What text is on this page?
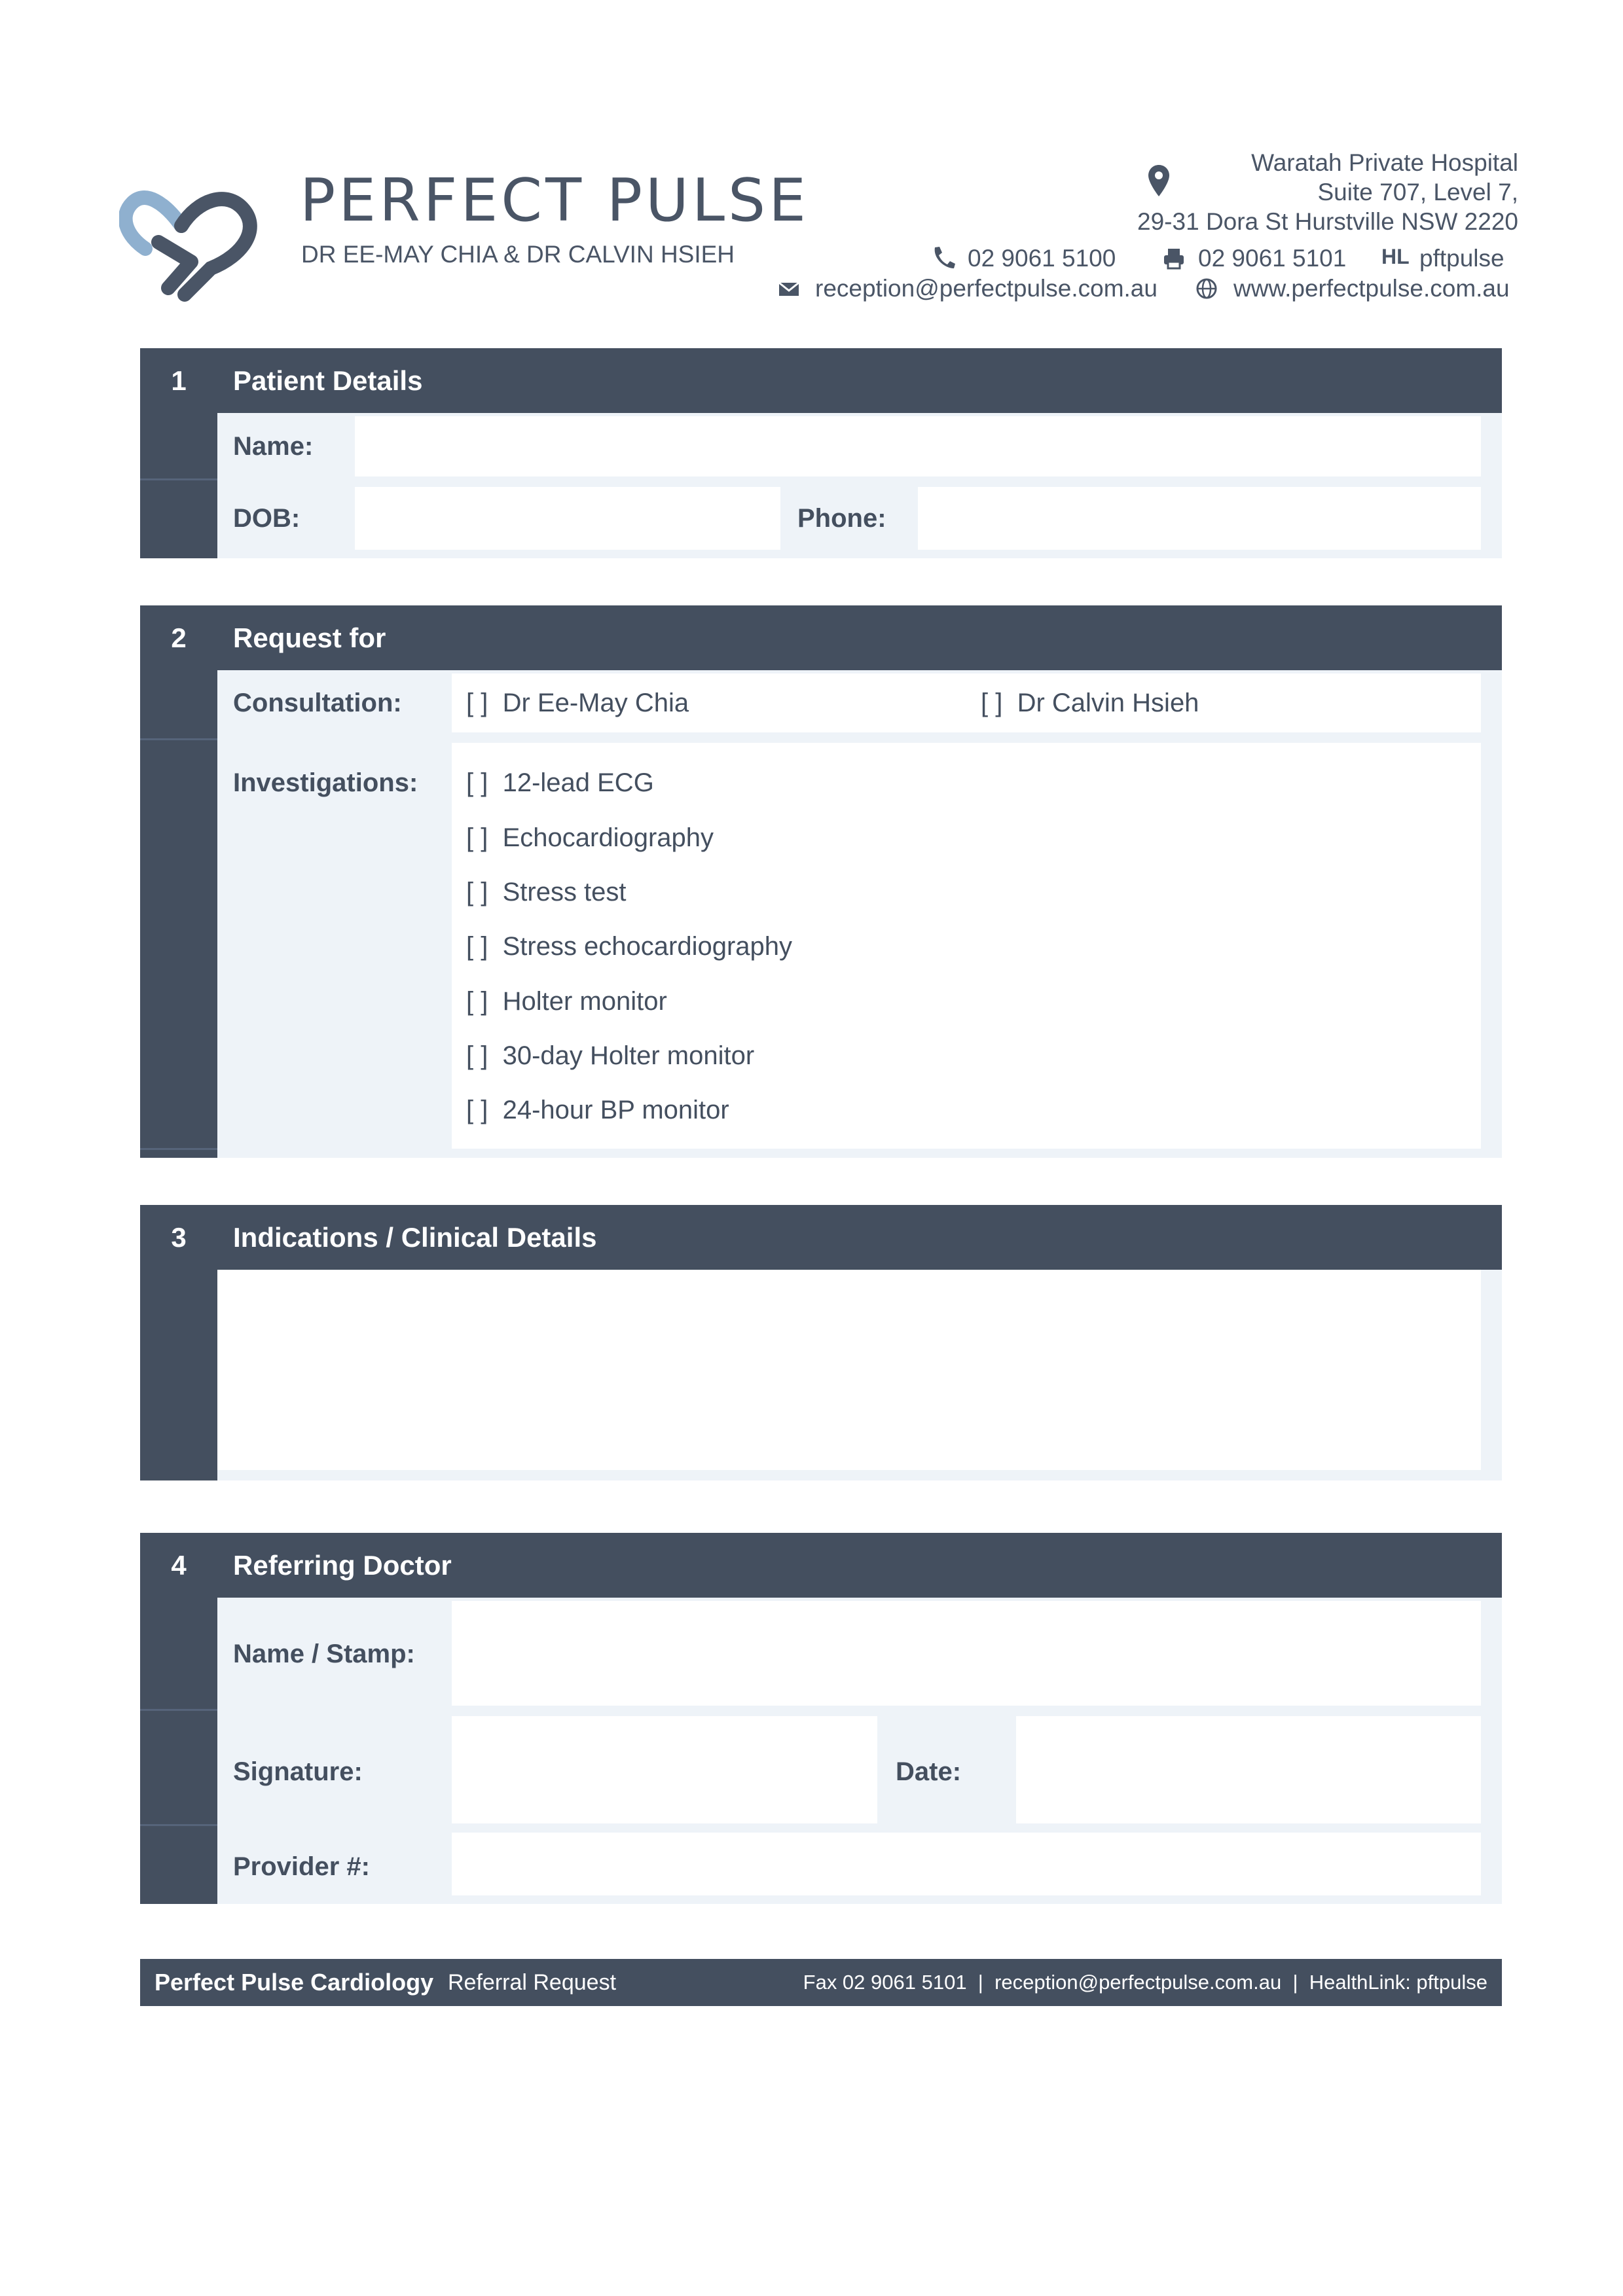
PERFECT PULSE
DR EE-MAY CHIA & DR CALVIN HSIEH
Waratah Private Hospital
Suite 707, Level 7,
29-31 Dora St Hurstville NSW 2220
02 9061 5100	02 9061 5101 HL pftpulse
reception@perfectpulse.com.au	www.perfectpulse.com.au
1	Patient Details
Name:
DOB:	Phone:
2	Request for
Consultation: [ ] Dr Ee-May Chia	[ ] Dr Calvin Hsieh
Investigations: [ ] 12-lead ECG
[ ] Echocardiography
[ ] Stress test
[ ] Stress echocardiography
[ ] Holter monitor
[ ] 30-day Holter monitor
[ ] 24-hour BP monitor
3	Indications / Clinical Details
4	Referring Doctor
Name / Stamp:
Signature:	Date:
Provider #:
Perfect Pulse Cardiology Referral Request	Fax 02 9061 5101  |  reception@perfectpulse.com.au  |  HealthLink: pftpulse
